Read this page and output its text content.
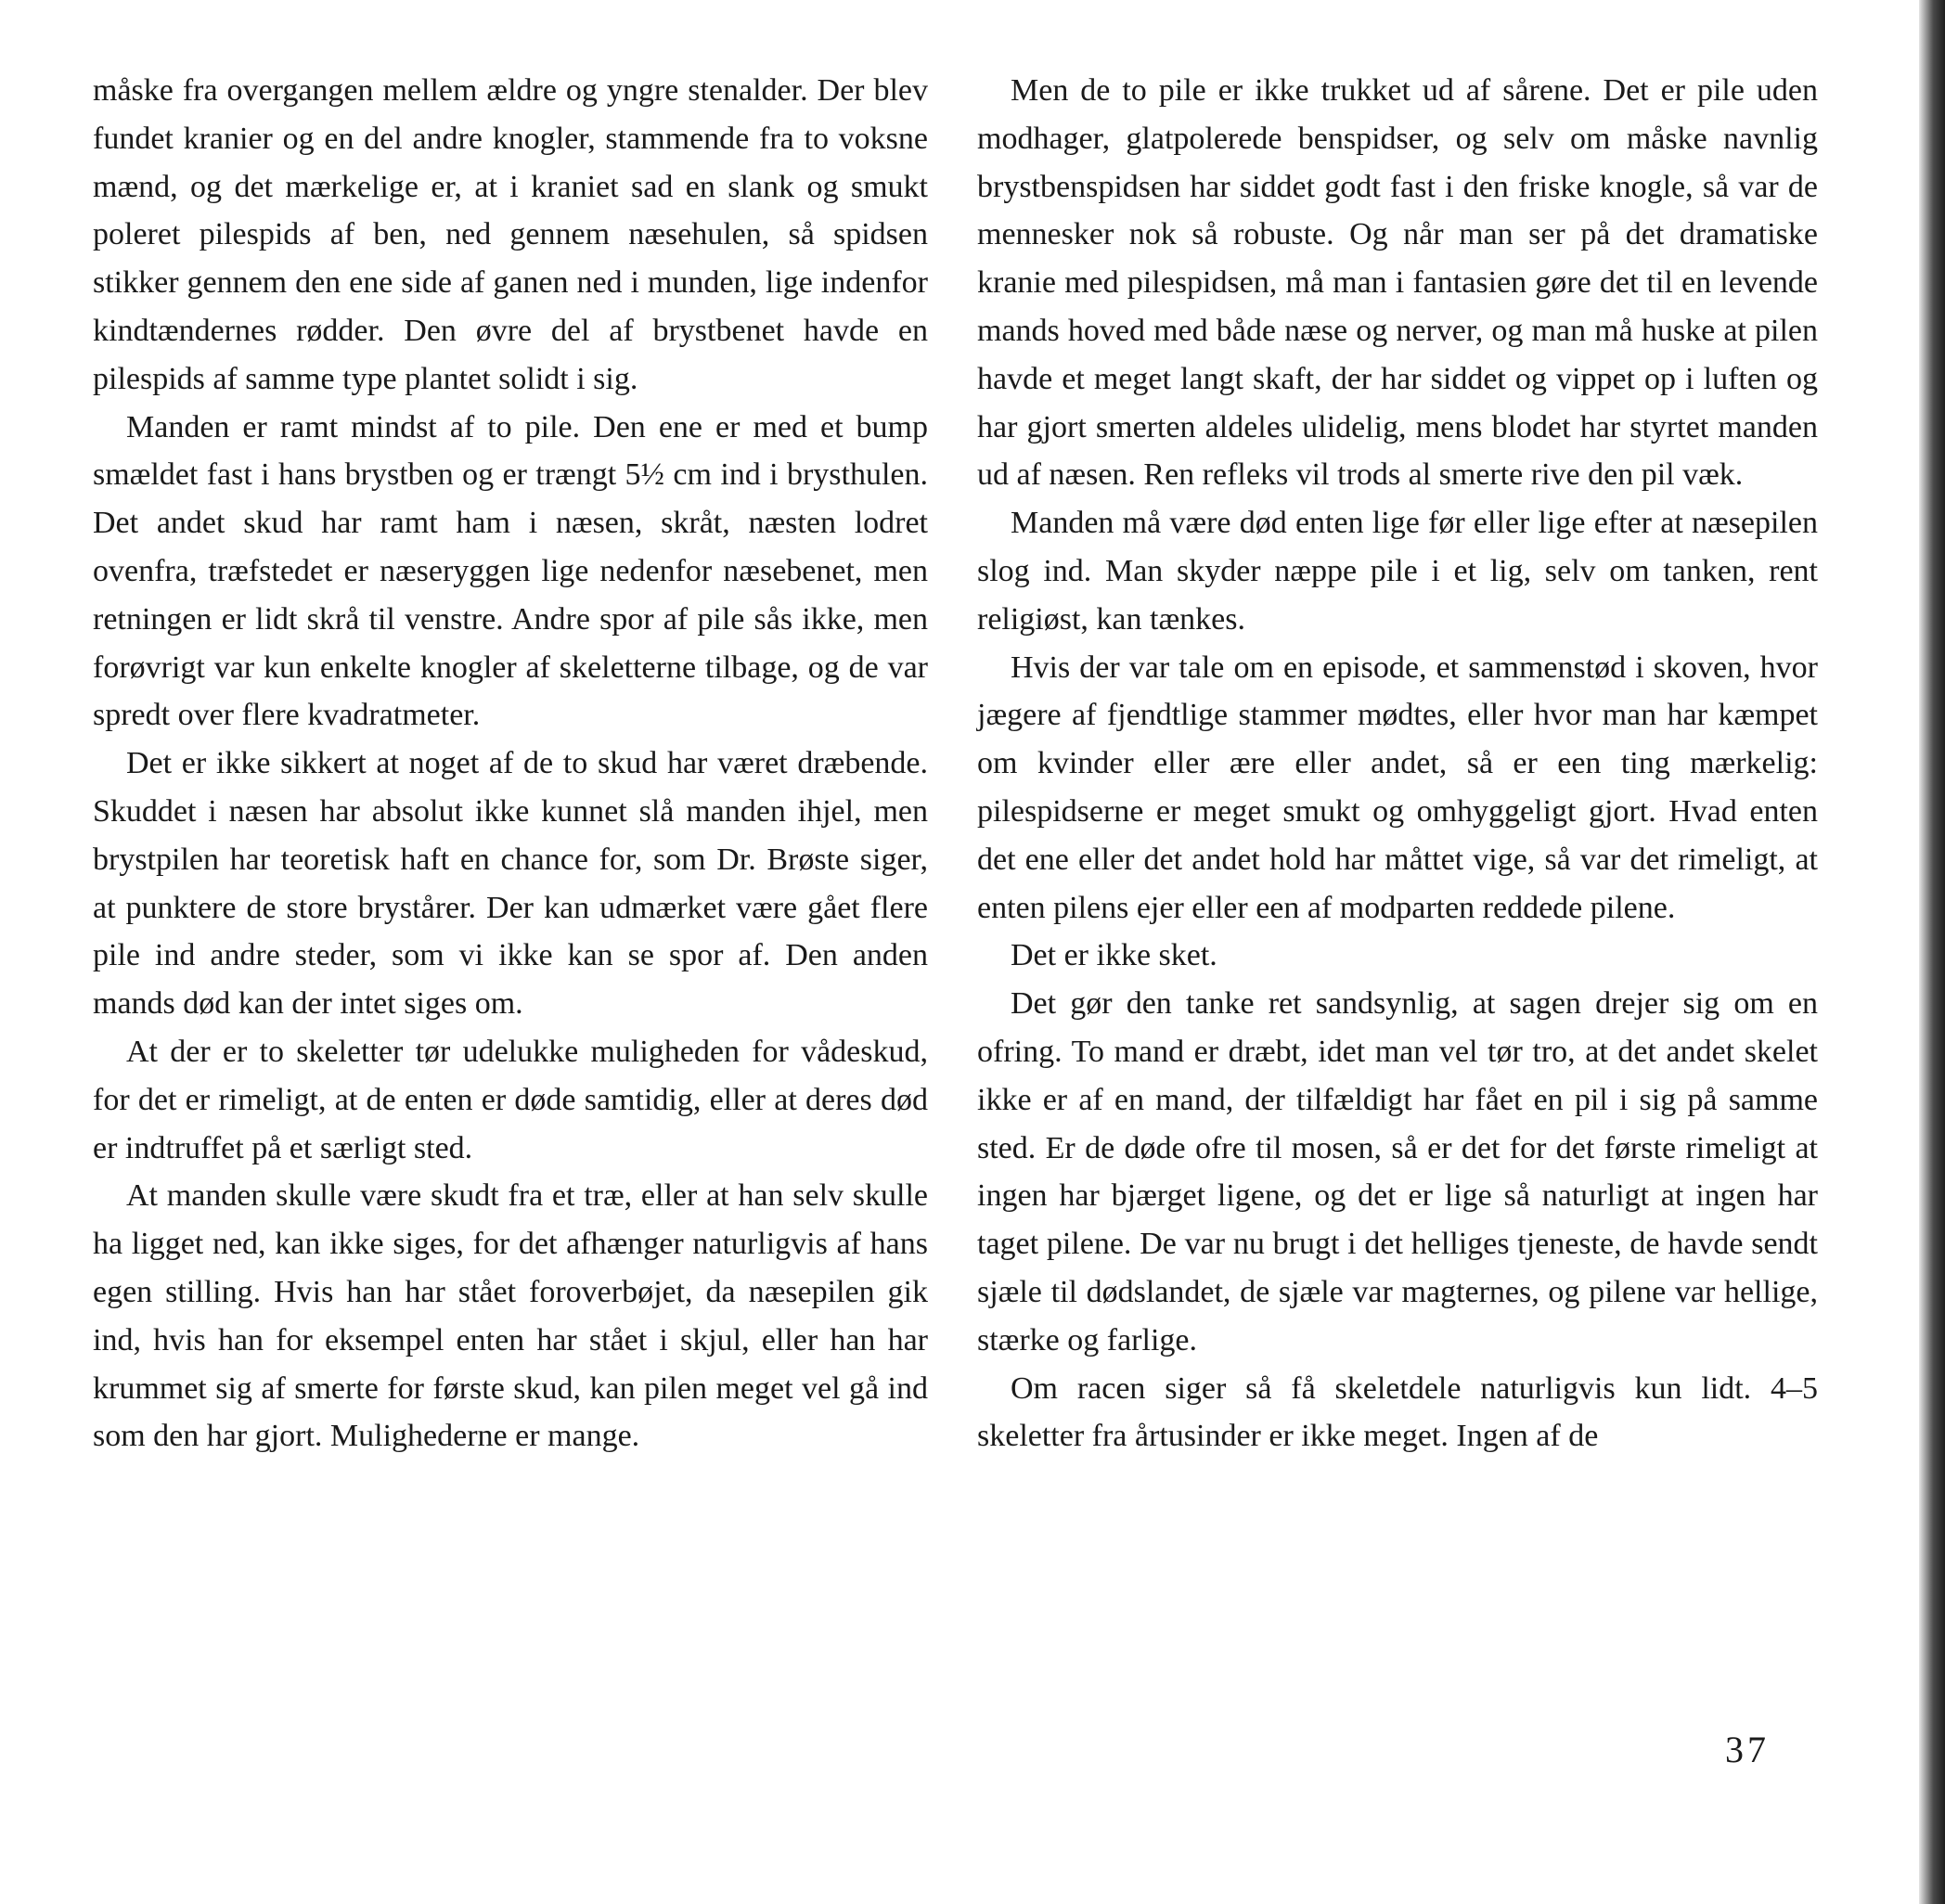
måske fra overgangen mellem ældre og yngre stenalder. Der blev fundet kranier og en del andre knogler, stammende fra to voksne mænd, og det mærkelige er, at i kraniet sad en slank og smukt poleret pilespids af ben, ned gennem næsehulen, så spidsen stikker gennem den ene side af ganen ned i munden, lige indenfor kindtændernes rødder. Den øvre del af brystbenet havde en pilespids af samme type plantet solidt i sig.

Manden er ramt mindst af to pile. Den ene er med et bump smældet fast i hans brystben og er trængt 5½ cm ind i brysthulen. Det andet skud har ramt ham i næsen, skråt, næsten lodret ovenfra, træfstedet er næseryggen lige nedenfor næsebenet, men retningen er lidt skrå til venstre. Andre spor af pile sås ikke, men forøvrigt var kun enkelte knogler af skeletterne tilbage, og de var spredt over flere kvadratmeter.

Det er ikke sikkert at noget af de to skud har været dræbende. Skuddet i næsen har absolut ikke kunnet slå manden ihjel, men brystpilen har teoretisk haft en chance for, som Dr. Brøste siger, at punktere de store brystårer. Der kan udmærket være gået flere pile ind andre steder, som vi ikke kan se spor af. Den anden mands død kan der intet siges om.

At der er to skeletter tør udelukke muligheden for vådeskud, for det er rimeligt, at de enten er døde samtidig, eller at deres død er indtruffet på et særligt sted.

At manden skulle være skudt fra et træ, eller at han selv skulle ha ligget ned, kan ikke siges, for det afhænger naturligvis af hans egen stilling. Hvis han har stået foroverbøjet, da næsepilen gik ind, hvis han for eksempel enten har stået i skjul, eller han har krummet sig af smerte for første skud, kan pilen meget vel gå ind som den har gjort. Mulighederne er mange.

Men de to pile er ikke trukket ud af sårene. Det er pile uden modhager, glatpolerede benspidser, og selv om måske navnlig brystbenspidsen har siddet godt fast i den friske knogle, så var de mennesker nok så robuste. Og når man ser på det dramatiske kranie med pilespidsen, må man i fantasien gøre det til en levende mands hoved med både næse og nerver, og man må huske at pilen havde et meget langt skaft, der har siddet og vippet op i luften og har gjort smerten aldeles ulidelig, mens blodet har styrtet manden ud af næsen. Ren refleks vil trods al smerte rive den pil væk.

Manden må være død enten lige før eller lige efter at næsepilen slog ind. Man skyder næppe pile i et lig, selv om tanken, rent religiøst, kan tænkes.

Hvis der var tale om en episode, et sammenstød i skoven, hvor jægere af fjendtlige stammer mødtes, eller hvor man har kæmpet om kvinder eller ære eller andet, så er een ting mærkelig: pilespidserne er meget smukt og omhyggeligt gjort. Hvad enten det ene eller det andet hold har måttet vige, så var det rimeligt, at enten pilens ejer eller een af modparten reddede pilene.

Det er ikke sket.

Det gør den tanke ret sandsynlig, at sagen drejer sig om en ofring. To mand er dræbt, idet man vel tør tro, at det andet skelet ikke er af en mand, der tilfældigt har fået en pil i sig på samme sted. Er de døde ofre til mosen, så er det for det første rimeligt at ingen har bjærget ligene, og det er lige så naturligt at ingen har taget pilene. De var nu brugt i det helliges tjeneste, de havde sendt sjæle til dødslandet, de sjæle var magternes, og pilene var hellige, stærke og farlige.

Om racen siger så få skeletdele naturligvis kun lidt. 4–5 skeletter fra årtusinder er ikke meget. Ingen af de

37
